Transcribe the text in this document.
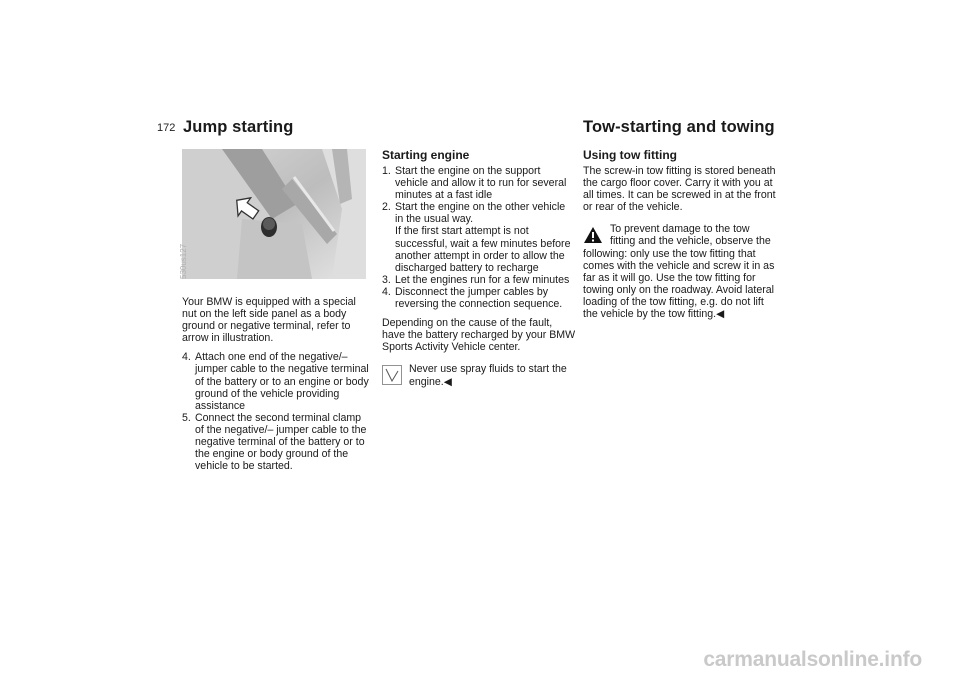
172 Jump starting	Tow-starting and towing
530us127

Your BMW is equipped with a special nut on the left side panel as a body ground or negative terminal, refer to arrow in illustration.

4. Attach one end of the negative/– jumper cable to the negative terminal of the battery or to an engine or body ground of the vehicle providing assistance
5. Connect the second terminal clamp of the negative/– jumper cable to the negative terminal of the battery or to the engine or body ground of the vehicle to be started.
Starting engine
1. Start the engine on the support vehicle and allow it to run for several minutes at a fast idle
2. Start the engine on the other vehicle in the usual way.
If the first start attempt is not successful, wait a few minutes before another attempt in order to allow the discharged battery to recharge
3. Let the engines run for a few minutes
4. Disconnect the jumper cables by reversing the connection sequence.

Depending on the cause of the fault, have the battery recharged by your BMW Sports Activity Vehicle center.

Never use spray fluids to start the engine.◀
Using tow fitting

The screw-in tow fitting is stored beneath the cargo floor cover. Carry it with you at all times. It can be screwed in at the front or rear of the vehicle.

To prevent damage to the tow fitting and the vehicle, observe the following: only use the tow fitting that comes with the vehicle and screw it in as far as it will go. Use the tow fitting for towing only on the roadway. Avoid lateral loading of the tow fitting, e.g. do not lift the vehicle by the tow fitting.◀
carmanualsonline.info
